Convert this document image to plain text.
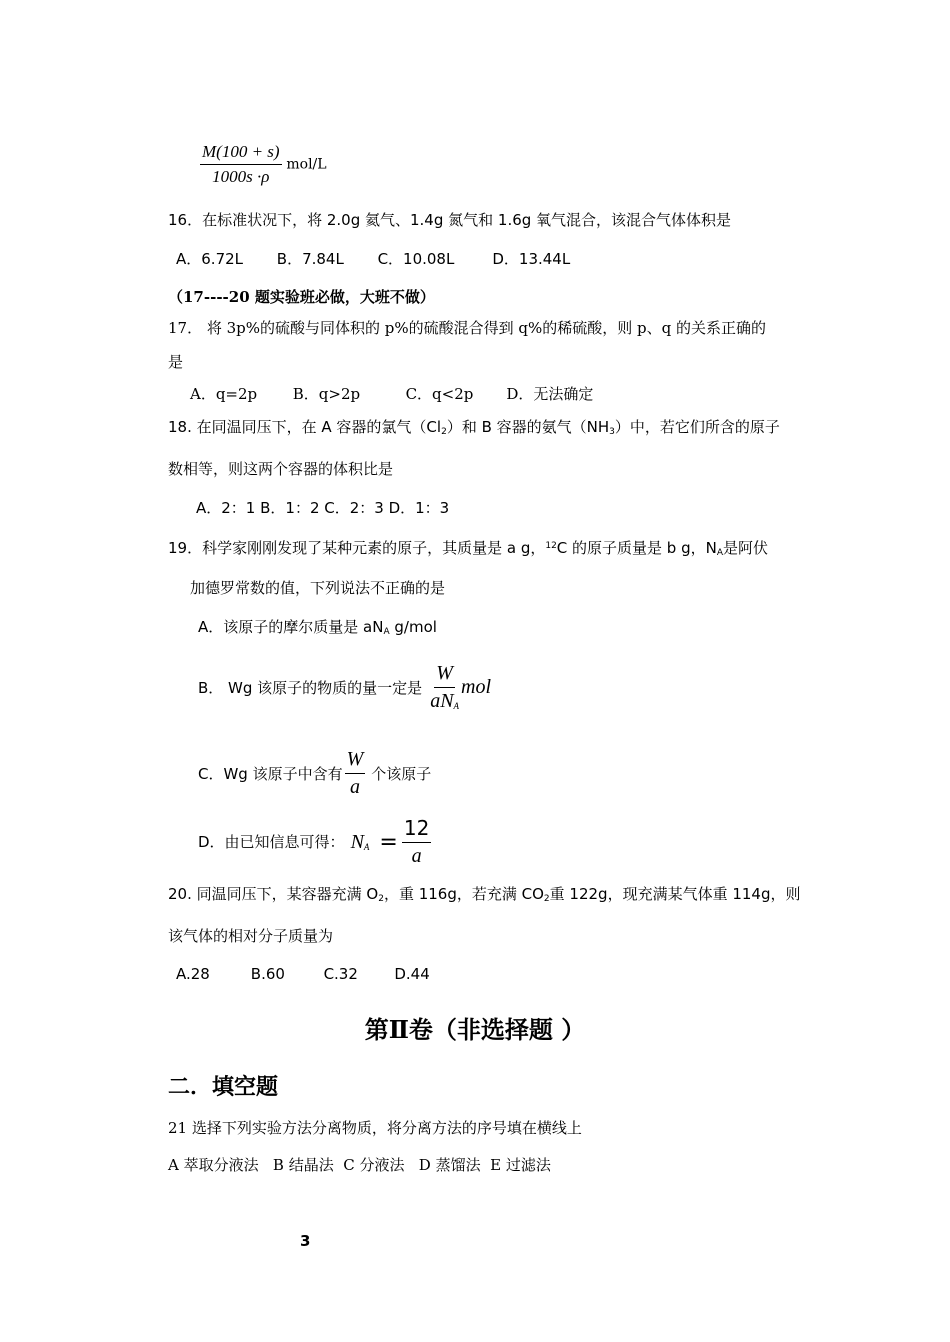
$\frac{M(100 + s)}{1000s \cdot\rho} mol/L$
16．在标准状况下，将 2.0g 氦气、1.4g 氮气和 1.6g 氧气混合，该混合气体体积是
A．6.72L B．7.84L C．10.08L	D．13.44L
（17----20 题实验班必做，大班不做）
17． 将 3p%的硫酸与同体积的 p%的硫酸混合得到 q%的稀硫酸，则 p、q 的关系正确的
是
A．q=2p B．q>2p	C．q<2p D．无法确定
18. 在同温同压下，在 A 容器的氯气$(Cl_2)$和 B 容器的氨气$(NH_3)$中，若它们所含的原子
数相等，则这两个容器的体积比是
A．2：1 B．1：2 C．2：3 D．1：3
19．科学家刚刚发现了某种元素的原子，其质量是 a g，$^{12}$C 的原子质量是 b g，$N_A$是阿伏
加德罗常数的值，下列说法不正确的是
A．该原子的摩尔质量是 $aN_A$ g/mol
B． Wg 该原子的物质的量一定是 $\frac{W}{aN_A}$ mol
C．Wg 该原子中含有 $\frac{W}{a}$ 个该原子
D．由已知信息可得： $N_A = \frac{12}{a}$
20. 同温同压下，某容器充满 $O_2$，重 116g，若充满 $CO_2$重 122g，现充满某气体重 114g，则
该气体的相对分子质量为
A.28	B.60	C.32 D.44
第Ⅱ卷（非选择题 ）
二．填空题
21 选择下列实验方法分离物质，将分离方法的序号填在横线上
A 萃取分液法   B 结晶法  C 分液法   D 蒸馏法  E 过滤法
3
